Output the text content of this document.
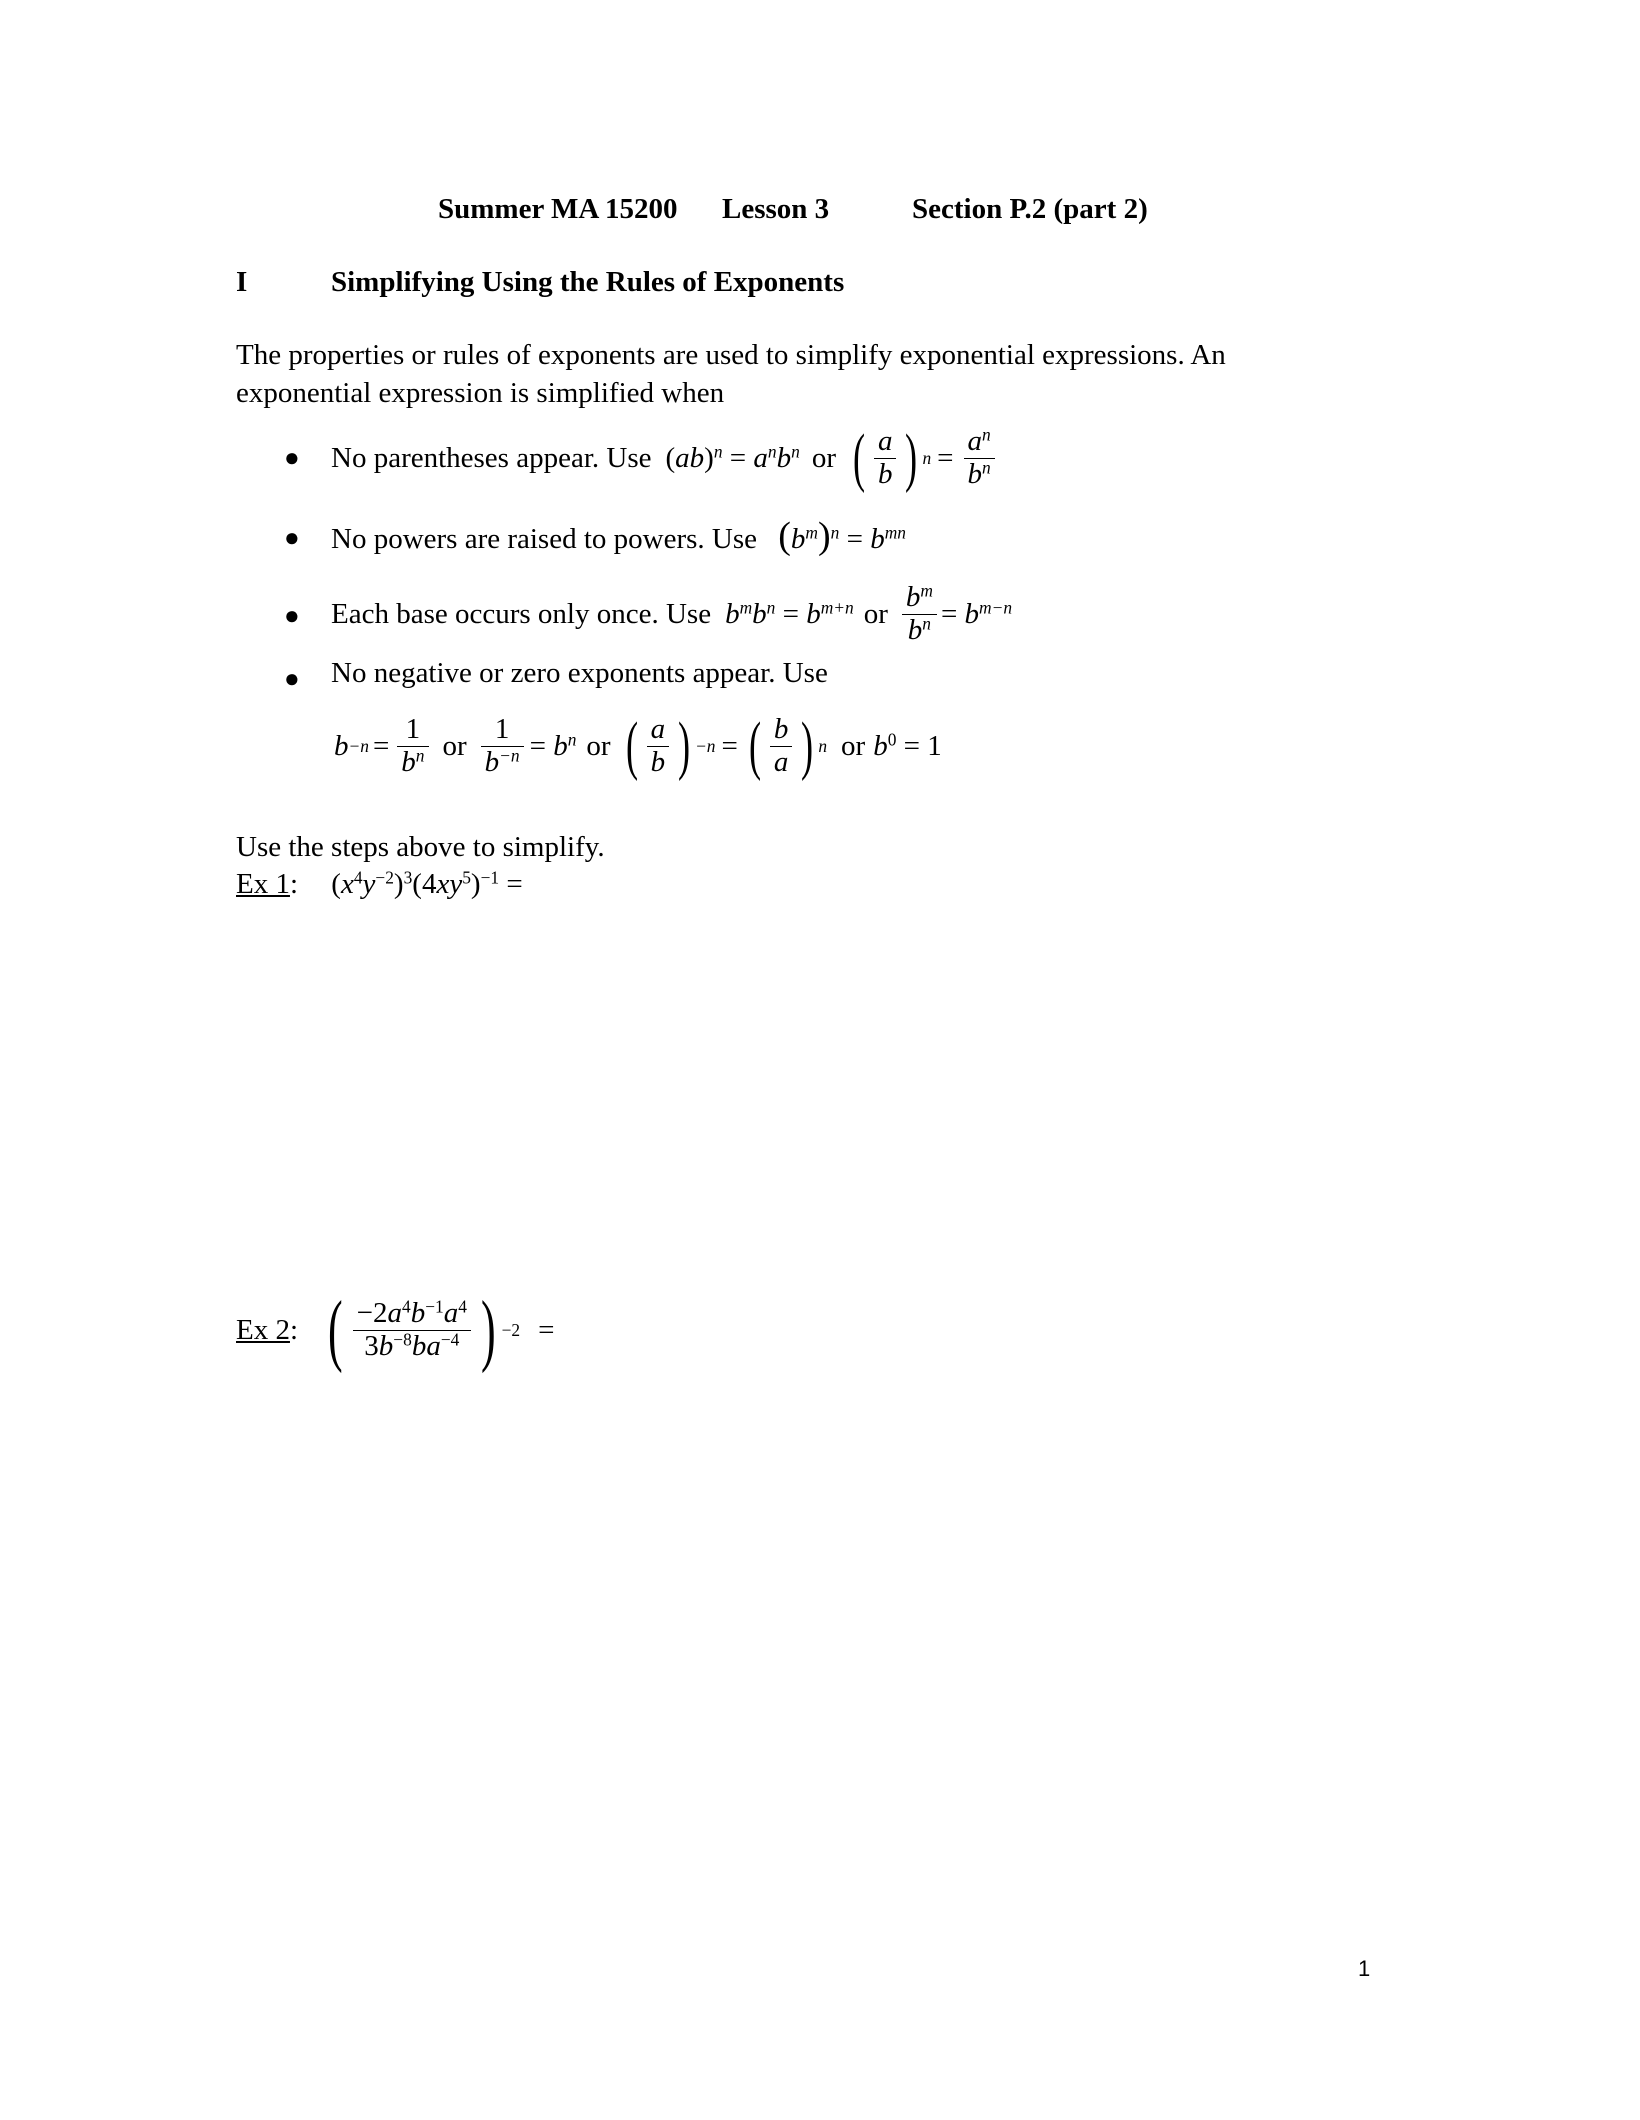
Summer MA 15200 Lesson 3	Section P.2 (part 2)
I	Simplifying Using the Rules of Exponents
The properties or rules of exponents are used to simplify exponential expressions. An
exponential expression is simplified when
● No parentheses appear. Use $(ab)^n = a^nb^n$ or ( $\frac{a}{b}$ ) $n = \frac{a^n}{b^n}$
● No powers are raised to powers. Use $(b^m)^n = b^{mn}$
● Each base occurs only once. Use $b^mb^n = b^{m+n}$ or $\frac{b^m}{b^n} = b^{m-n}$
● No negative or zero exponents appear. Use
$b -n = \frac{1}{b^n}$ or $\frac{1}{b^{-n}} = b^n$ or ( $\frac{a}{b}$ ) −n = ( $\frac{b}{a}$ ) n or $b^0 = 1$
Use the steps above to simplify.
Ex 1: $(x^4y^{-2})^3(4xy^5)^{-1}$ =
Ex 2 : ( $\frac{-2a^4b^{-1}a^4}{3b^{-8}ba^{-4}}$ ) −2 =
1
